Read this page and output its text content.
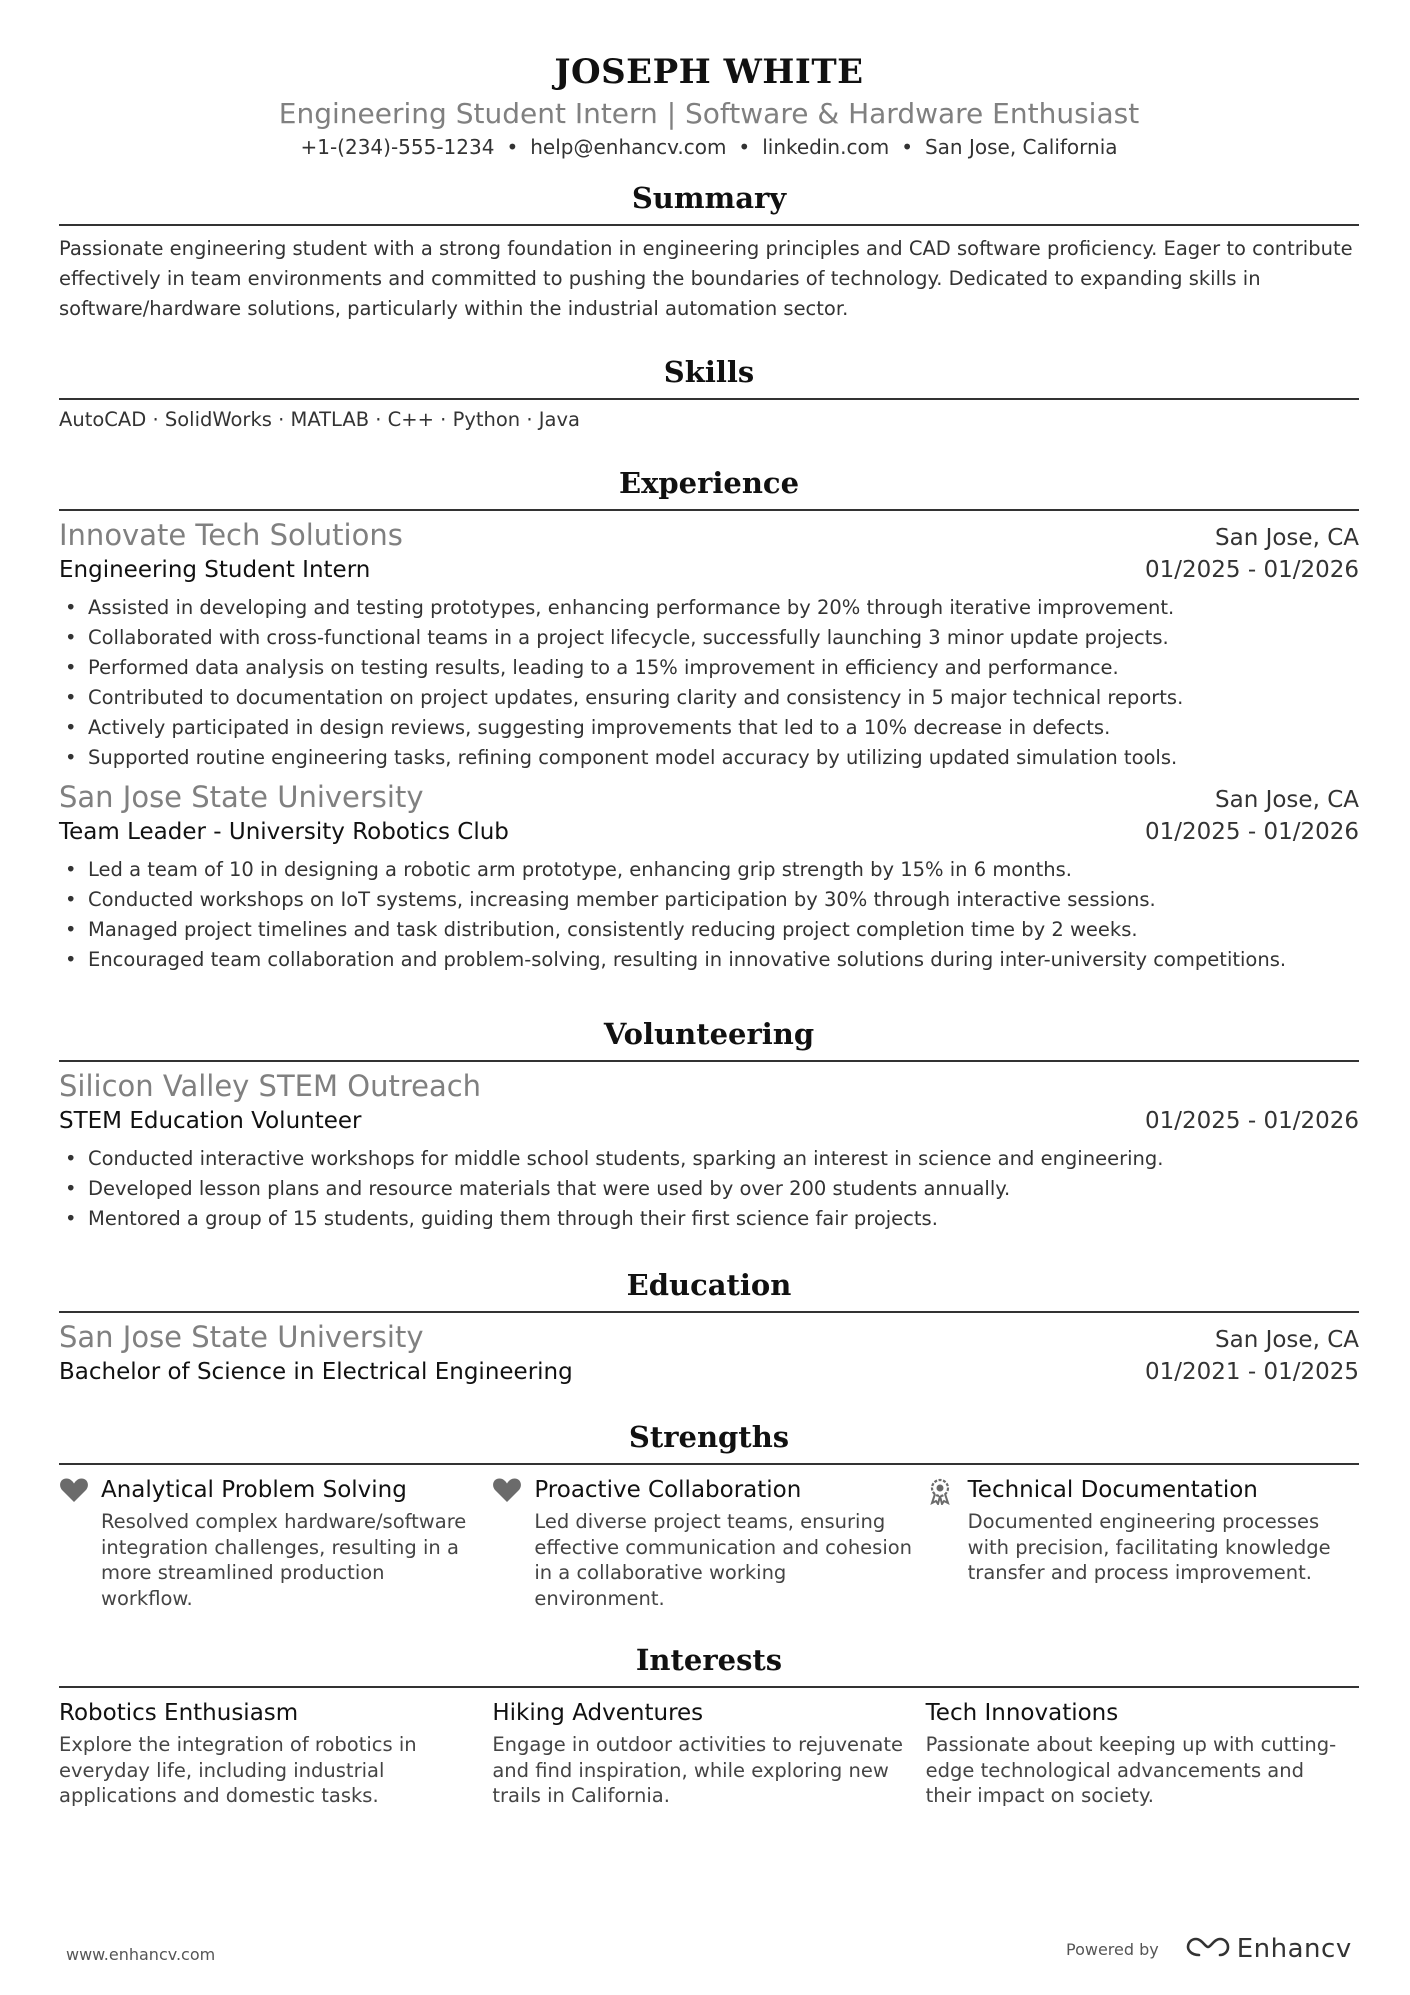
JOSEPH WHITE
Engineering Student Intern | Software & Hardware Enthusiast
+1-(234)-555-1234 • help@enhancv.com • linkedin.com • San Jose, California
Summary
Passionate engineering student with a strong foundation in engineering principles and CAD software proficiency. Eager to contribute effectively in team environments and committed to pushing the boundaries of technology. Dedicated to expanding skills in software/hardware solutions, particularly within the industrial automation sector.
Skills
AutoCAD · SolidWorks · MATLAB · C++ · Python · Java
Experience
Innovate Tech Solutions	San Jose, CA
Engineering Student Intern	01/2025 - 01/2026
• Assisted in developing and testing prototypes, enhancing performance by 20% through iterative improvement.
• Collaborated with cross-functional teams in a project lifecycle, successfully launching 3 minor update projects.
• Performed data analysis on testing results, leading to a 15% improvement in efficiency and performance.
• Contributed to documentation on project updates, ensuring clarity and consistency in 5 major technical reports.
• Actively participated in design reviews, suggesting improvements that led to a 10% decrease in defects.
• Supported routine engineering tasks, refining component model accuracy by utilizing updated simulation tools.
San Jose State University	San Jose, CA
Team Leader - University Robotics Club	01/2025 - 01/2026
• Led a team of 10 in designing a robotic arm prototype, enhancing grip strength by 15% in 6 months.
• Conducted workshops on IoT systems, increasing member participation by 30% through interactive sessions.
• Managed project timelines and task distribution, consistently reducing project completion time by 2 weeks.
• Encouraged team collaboration and problem-solving, resulting in innovative solutions during inter-university competitions.
Volunteering
Silicon Valley STEM Outreach
STEM Education Volunteer	01/2025 - 01/2026
• Conducted interactive workshops for middle school students, sparking an interest in science and engineering.
• Developed lesson plans and resource materials that were used by over 200 students annually.
• Mentored a group of 15 students, guiding them through their first science fair projects.
Education
San Jose State University	San Jose, CA
Bachelor of Science in Electrical Engineering	01/2021 - 01/2025
Strengths
Analytical Problem Solving
Resolved complex hardware/software integration challenges, resulting in a more streamlined production workflow.
Proactive Collaboration
Led diverse project teams, ensuring effective communication and cohesion in a collaborative working environment.
Technical Documentation
Documented engineering processes with precision, facilitating knowledge transfer and process improvement.
Interests
Robotics Enthusiasm
Explore the integration of robotics in everyday life, including industrial applications and domestic tasks.
Hiking Adventures
Engage in outdoor activities to rejuvenate and find inspiration, while exploring new trails in California.
Tech Innovations
Passionate about keeping up with cutting-edge technological advancements and their impact on society.
www.enhancv.com	Powered by	Enhancv
